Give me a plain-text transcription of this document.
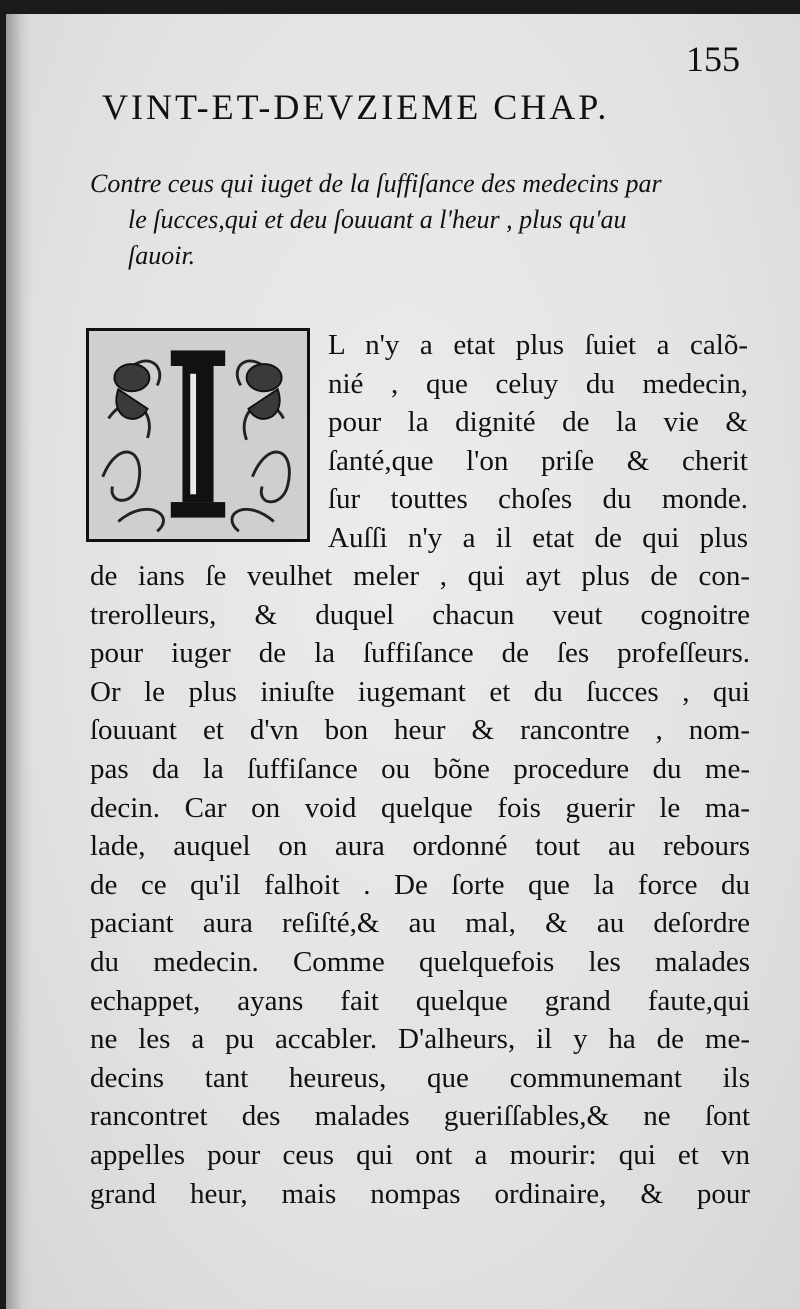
155
VINT-ET-DEVZIEME CHAP.
Contre ceus qui iuget de la ſuffiſance des medecins par
le ſucces,qui et deu ſouuant a l'heur , plus qu'au
ſauoir.
L n'y a etat plus ſuiet a calõ-
nié , que celuy du medecin,
pour la dignité de la vie &
ſanté,que l'on priſe & cherit
ſur touttes choſes du monde.
Auſſi n'y a il etat de qui plus
de ians ſe veulhet meler , qui ayt plus de con-
trerolleurs, & duquel chacun veut cognoitre
pour iuger de la ſuffiſance de ſes profeſſeurs.
Or le plus iniuſte iugemant et du ſucces , qui
ſouuant et d'vn bon heur & rancontre , nom-
pas da la ſuffiſance ou bõne procedure du me-
decin. Car on void quelque fois guerir le ma-
lade, auquel on aura ordonné tout au rebours
de ce qu'il falhoit . De ſorte que la force du
paciant aura reſiſté,& au mal, & au deſordre
du medecin. Comme quelquefois les malades
echappet, ayans fait quelque grand faute,qui
ne les a pu accabler. D'alheurs, il y ha de me-
decins tant heureus, que communemant ils
rancontret des malades gueriſſables,& ne ſont
appelles pour ceus qui ont a mourir: qui et vn
grand heur, mais nompas ordinaire, & pour
